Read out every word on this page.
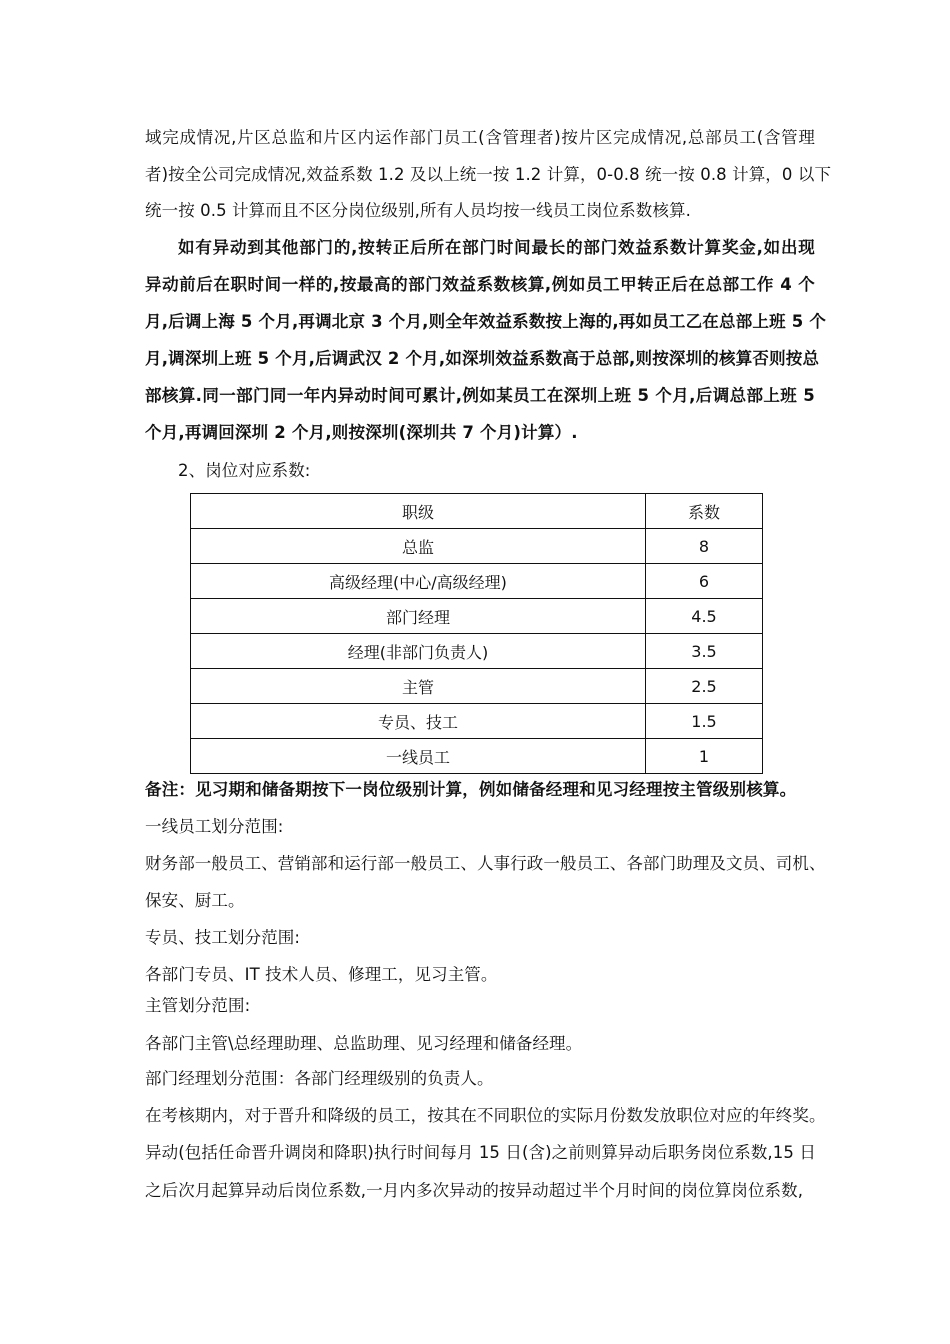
域完成情况,片区总监和片区内运作部门员工(含管理者)按片区完成情况,总部员工(含管理
者)按全公司完成情况,效益系数 1.2 及以上统一按 1.2 计算，0-0.8 统一按 0.8 计算，0 以下
统一按 0.5 计算而且不区分岗位级别,所有人员均按一线员工岗位系数核算.
如有异动到其他部门的,按转正后所在部门时间最长的部门效益系数计算奖金,如出现
异动前后在职时间一样的,按最高的部门效益系数核算,例如员工甲转正后在总部工作 4 个
月,后调上海 5 个月,再调北京 3 个月,则全年效益系数按上海的,再如员工乙在总部上班 5 个
月,调深圳上班 5 个月,后调武汉 2 个月,如深圳效益系数高于总部,则按深圳的核算否则按总
部核算.同一部门同一年内异动时间可累计,例如某员工在深圳上班 5 个月,后调总部上班 5
个月,再调回深圳 2 个月,则按深圳(深圳共 7 个月)计算）.
2、岗位对应系数:
职级	系数
总监	8
高级经理(中心/高级经理)	6
部门经理	4.5
经理(非部门负责人)	3.5
主管	2.5
专员、技工	1.5
一线员工	1
备注：见习期和储备期按下一岗位级别计算，例如储备经理和见习经理按主管级别核算。
一线员工划分范围:
财务部一般员工、营销部和运行部一般员工、人事行政一般员工、各部门助理及文员、司机、
保安、厨工。
专员、技工划分范围:
各部门专员、IT 技术人员、修理工，见习主管。
主管划分范围:
各部门主管\总经理助理、总监助理、见习经理和储备经理。
部门经理划分范围：各部门经理级别的负责人。
在考核期内，对于晋升和降级的员工，按其在不同职位的实际月份数发放职位对应的年终奖。
异动(包括任命晋升调岗和降职)执行时间每月 15 日(含)之前则算异动后职务岗位系数,15 日
之后次月起算异动后岗位系数,一月内多次异动的按异动超过半个月时间的岗位算岗位系数,
